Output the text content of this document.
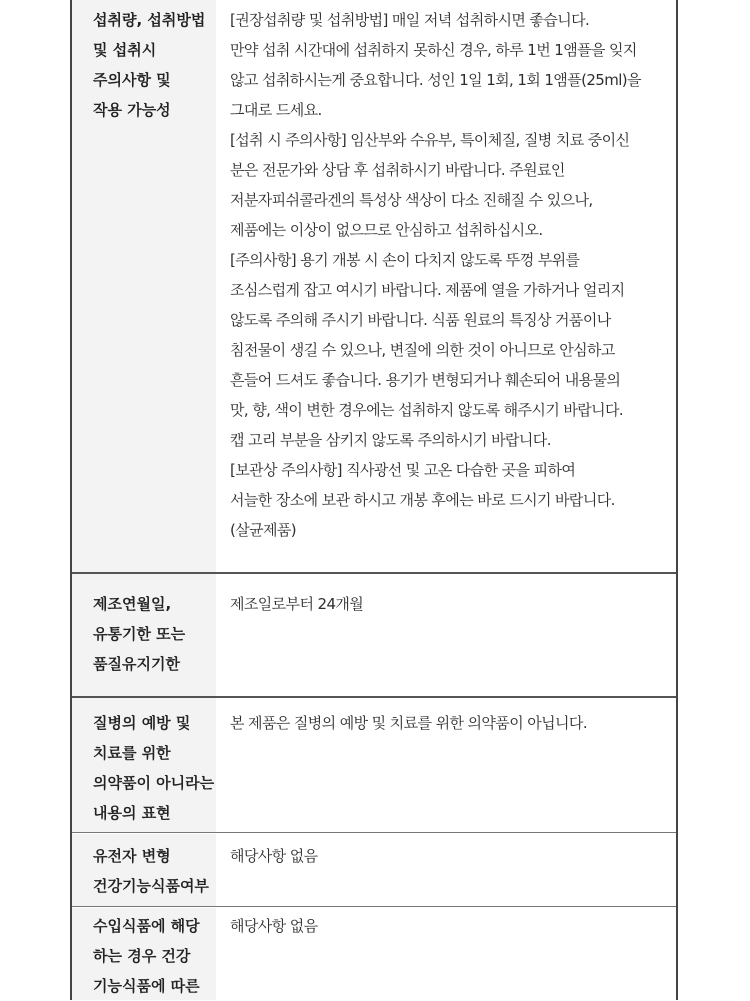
섭취량, 섭취방법
및 섭취시
주의사항 및
작용 가능성
[권장섭취량 및 섭취방법] 매일 저녁 섭취하시면 좋습니다.
만약 섭취 시간대에 섭취하지 못하신 경우, 하루 1번 1앰플을 잊지
않고 섭취하시는게 중요합니다. 성인 1일 1회, 1회 1앰플(25ml)을
그대로 드세요.
[섭취 시 주의사항] 임산부와 수유부, 특이체질, 질병 치료 중이신
분은 전문가와 상담 후 섭취하시기 바랍니다. 주원료인
저분자피쉬콜라겐의 특성상 색상이 다소 진해질 수 있으나,
제품에는 이상이 없으므로 안심하고 섭취하십시오.
[주의사항] 용기 개봉 시 손이 다치지 않도록 뚜껑 부위를
조심스럽게 잡고 여시기 바랍니다. 제품에 열을 가하거나 얼리지
않도록 주의해 주시기 바랍니다. 식품 원료의 특징상 거품이나
침전물이 생길 수 있으나, 변질에 의한 것이 아니므로 안심하고
흔들어 드셔도 좋습니다. 용기가 변형되거나 훼손되어 내용물의
맛, 향, 색이 변한 경우에는 섭취하지 않도록 해주시기 바랍니다.
캡 고리 부분을 삼키지 않도록 주의하시기 바랍니다.
[보관상 주의사항] 직사광선 및 고온 다습한 곳을 피하여
서늘한 장소에 보관 하시고 개봉 후에는 바로 드시기 바랍니다.
(살균제품)
제조연월일,
유통기한 또는
품질유지기한
제조일로부터 24개월
질병의 예방 및
치료를 위한
의약품이 아니라는
내용의 표현
본 제품은 질병의 예방 및 치료를 위한 의약품이 아닙니다.
유전자 변형
건강기능식품여부
해당사항 없음
수입식품에 해당
하는 경우 건강
기능식품에 따른
해당사항 없음
